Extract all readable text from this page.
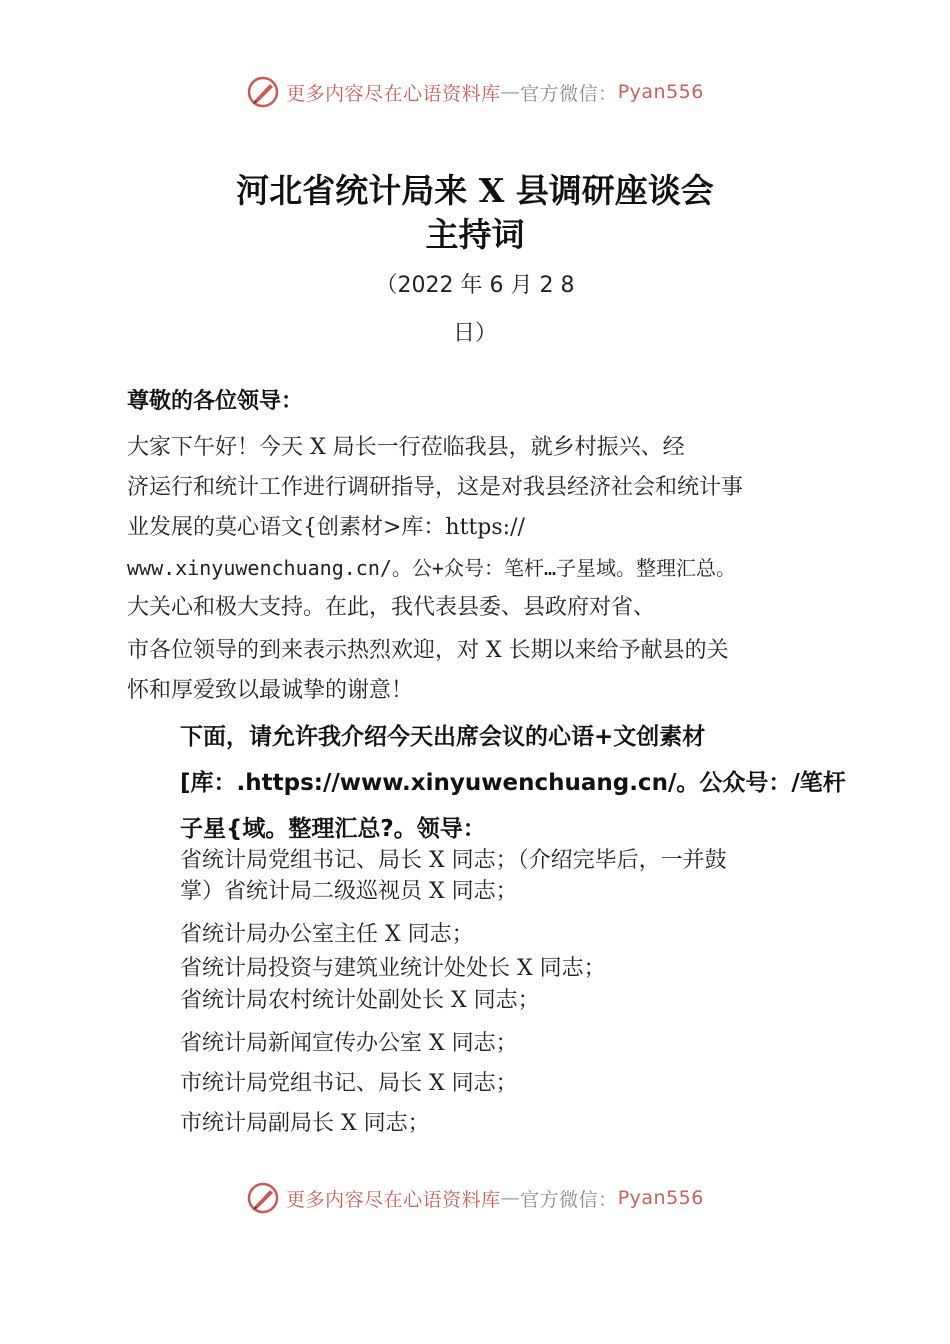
更多内容尽在心语资料库 — 官方微信： Pyan556
河北省统计局来 X 县调研座谈会
主持词
（2022 年 6 月 2 8
日）
尊敬的各位领导：
大家下午好！今天 X 局长一行莅临我县，就乡村振兴、经
济运行和统计工作进行调研指导，这是对我县经济社会和统计事
业发展的莫心语文{创素材>库：https://
www.xinyuwenchuang.cn/。公+众号：笔杆…子星域。整理汇总。
大关心和极大支持。在此，我代表县委、县政府对省、
市各位领导的到来表示热烈欢迎，对 X 长期以来给予献县的关
怀和厚爱致以最诚挚的谢意！
下面，请允许我介绍今天出席会议的心语+文创素材
[库：.https://www.xinyuwenchuang.cn/。公众号：/笔杆
子星{域。整理汇总?。领导：
省统计局党组书记、局长 X 同志；（介绍完毕后，一并鼓
掌）省统计局二级巡视员 X 同志；
省统计局办公室主任 X 同志；
省统计局投资与建筑业统计处处长 X 同志；
省统计局农村统计处副处长 X 同志；
省统计局新闻宣传办公室 X 同志；
市统计局党组书记、局长 X 同志；
市统计局副局长 X 同志；
更多内容尽在心语资料库 — 官方微信： Pyan556
